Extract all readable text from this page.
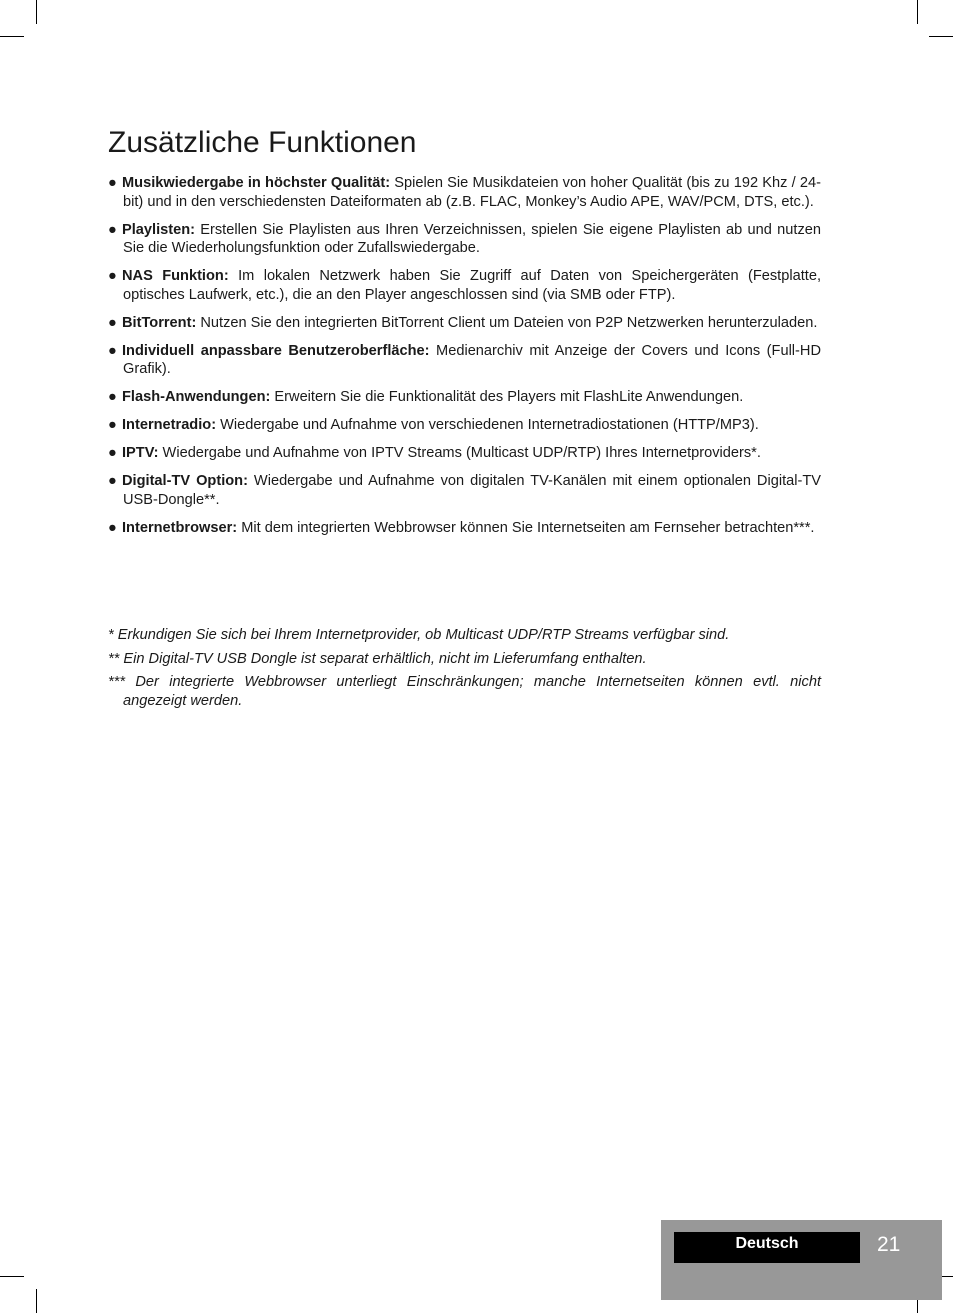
Zusätzliche Funktionen
● Musikwiedergabe in höchster Qualität: Spielen Sie Musikdateien von hoher Qualität (bis zu 192 Khz / 24-bit) und in den verschiedensten Dateiformaten ab (z.B. FLAC, Monkey’s Audio APE, WAV/PCM, DTS, etc.).
● Playlisten: Erstellen Sie Playlisten aus Ihren Verzeichnissen, spielen Sie eigene Playlisten ab und nutzen Sie die Wiederholungsfunktion oder Zufallswiedergabe.
● NAS Funktion: Im lokalen Netzwerk haben Sie Zugriff auf Daten von Speichergeräten (Festplatte, optisches Laufwerk, etc.), die an den Player angeschlossen sind (via SMB oder FTP).
● BitTorrent: Nutzen Sie den integrierten BitTorrent Client um Dateien von P2P Netzwerken herunterzuladen.
● Individuell anpassbare Benutzeroberfläche: Medienarchiv mit Anzeige der Covers und Icons (Full-HD Grafik).
● Flash-Anwendungen: Erweitern Sie die Funktionalität des Players mit FlashLite Anwendungen.
● Internetradio: Wiedergabe und Aufnahme von verschiedenen Internetradiostationen (HTTP/MP3).
● IPTV: Wiedergabe und Aufnahme von IPTV Streams (Multicast UDP/RTP) Ihres Internetproviders*.
● Digital-TV Option: Wiedergabe und Aufnahme von digitalen TV-Kanälen mit einem optionalen Digital-TV USB-Dongle**.
● Internetbrowser: Mit dem integrierten Webbrowser können Sie Internetseiten am Fernseher betrachten***.

* Erkundigen Sie sich bei Ihrem Internetprovider, ob Multicast UDP/RTP Streams verfügbar sind.

** Ein Digital-TV USB Dongle ist separat erhältlich, nicht im Lieferumfang enthalten.

*** Der integrierte Webbrowser unterliegt Einschränkungen; manche Internetseiten können evtl. nicht angezeigt werden.

Deutsch	21
